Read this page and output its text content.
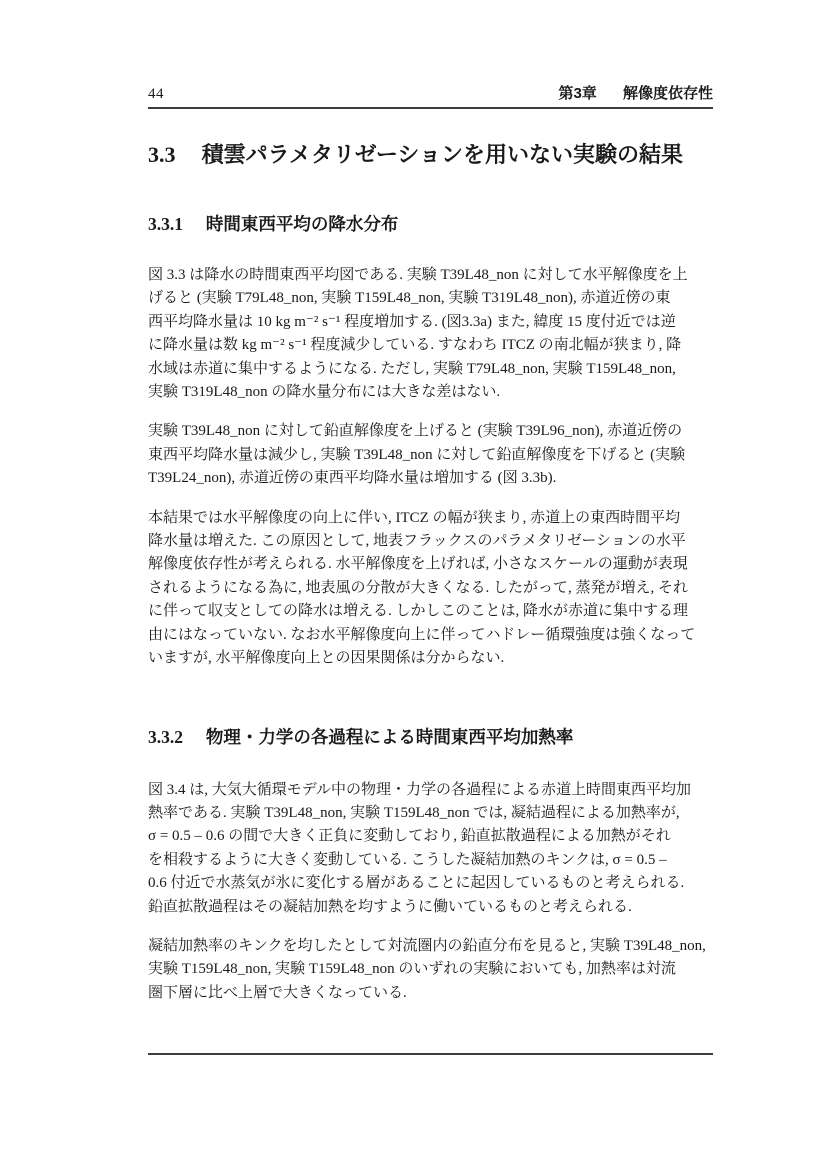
44	第3章 解像度依存性
3.3 積雲パラメタリゼーションを用いない実験の結果
3.3.1 時間東西平均の降水分布
図 3.3 は降水の時間東西平均図である. 実験 T39L48_non に対して水平解像度を上
げると (実験 T79L48_non, 実験 T159L48_non, 実験 T319L48_non), 赤道近傍の東
西平均降水量は 10 kg m⁻² s⁻¹ 程度増加する. (図3.3a) また, 緯度 15 度付近では逆
に降水量は数 kg m⁻² s⁻¹ 程度減少している. すなわち ITCZ の南北幅が狭まり, 降
水域は赤道に集中するようになる. ただし, 実験 T79L48_non, 実験 T159L48_non,
実験 T319L48_non の降水量分布には大きな差はない.
実験 T39L48_non に対して鉛直解像度を上げると (実験 T39L96_non), 赤道近傍の
東西平均降水量は減少し, 実験 T39L48_non に対して鉛直解像度を下げると (実験
T39L24_non), 赤道近傍の東西平均降水量は増加する (図 3.3b).
本結果では水平解像度の向上に伴い, ITCZ の幅が狭まり, 赤道上の東西時間平均
降水量は増えた. この原因として, 地表フラックスのパラメタリゼーションの水平
解像度依存性が考えられる. 水平解像度を上げれば, 小さなスケールの運動が表現
されるようになる為に, 地表風の分散が大きくなる. したがって, 蒸発が増え, それ
に伴って収支としての降水は増える. しかしこのことは, 降水が赤道に集中する理
由にはなっていない. なお水平解像度向上に伴ってハドレー循環強度は強くなって
いますが, 水平解像度向上との因果関係は分からない.
3.3.2 物理・力学の各過程による時間東西平均加熱率
図 3.4 は, 大気大循環モデル中の物理・力学の各過程による赤道上時間東西平均加
熱率である. 実験 T39L48_non, 実験 T159L48_non では, 凝結過程による加熱率が,
σ = 0.5 – 0.6 の間で大きく正負に変動しており, 鉛直拡散過程による加熱がそれ
を相殺するように大きく変動している. こうした凝結加熱のキンクは, σ = 0.5 –
0.6 付近で水蒸気が氷に変化する層があることに起因しているものと考えられる.
鉛直拡散過程はその凝結加熱を均すように働いているものと考えられる.
凝結加熱率のキンクを均したとして対流圏内の鉛直分布を見ると, 実験 T39L48_non,
実験 T159L48_non, 実験 T159L48_non のいずれの実験においても, 加熱率は対流
圏下層に比べ上層で大きくなっている.
